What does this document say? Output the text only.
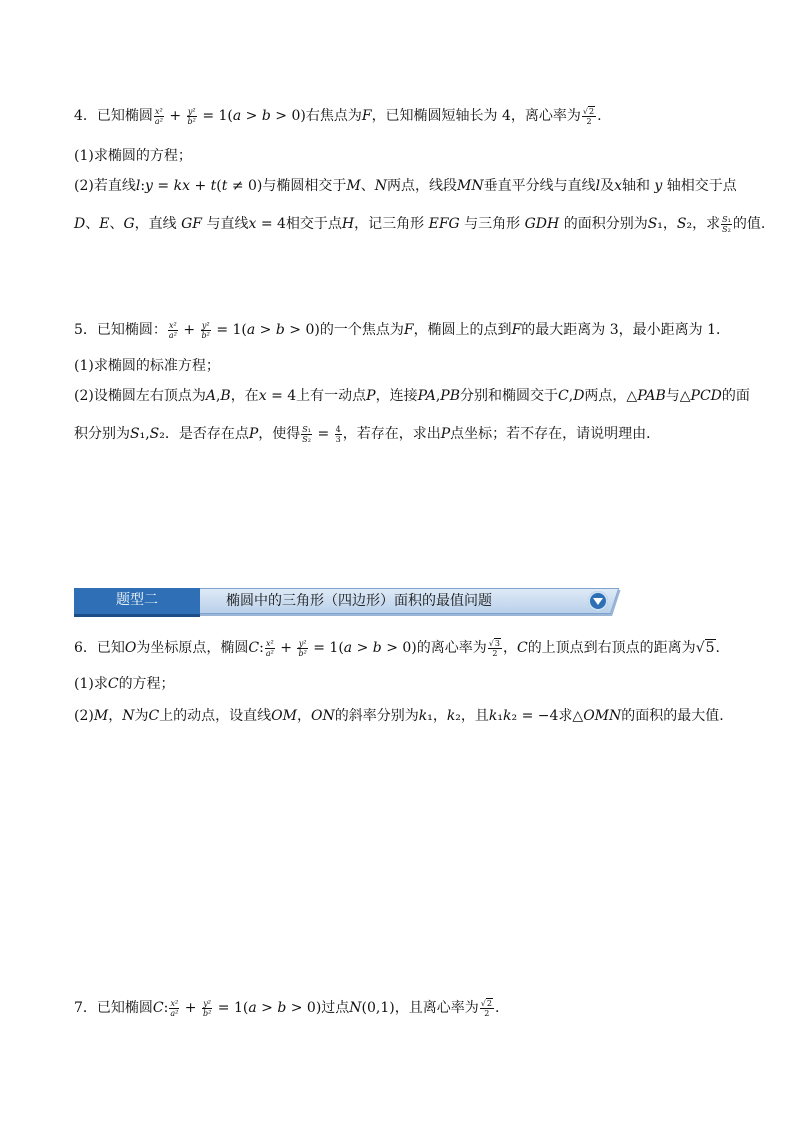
4．已知椭圆 $\frac{\text{x²}}{\text{a²}} + \frac{\text{y²}}{\text{b²}} = 1(a > b > 0)$右焦点为F，已知椭圆短轴长为 4，离心率为 $\frac{√2}{2}$ .
(1)求椭圆的方程；
(2)若直线l:y = kx + t(t ≠ 0)与椭圆相交于M、N两点，线段MN垂直平分线与直线l及x轴和 y 轴相交于点
D、E、G，直线 GF 与直线x = 4相交于点H，记三角形 EFG 与三角形 GDH 的面积分别为S₁，S₂，求 $\frac{\text{S₁}}{\text{S₂}}$ 的值.
5．已知椭圆： $\frac{\text{x²}}{\text{a²}} + \frac{\text{y²}}{\text{b²}} = 1(a > b > 0)$的一个焦点为F，椭圆上的点到F的最大距离为 3，最小距离为 1．
(1)求椭圆的标准方程；
(2)设椭圆左右顶点为A,B，在x = 4上有一动点P，连接PA,PB分别和椭圆交于C,D两点，△PAB与△PCD的面
积分别为S₁,S₂．是否存在点P，使得 $\frac{\text{S₁}}{\text{S₂}} = \frac{4}{3}$ ，若存在，求出P点坐标；若不存在，请说明理由．
题型二	椭圆中的三角形（四边形）面积的最值问题
6．已知O为坐标原点，椭圆C: $\frac{\text{x²}}{\text{a²}} + \frac{\text{y²}}{\text{b²}} = 1(a > b > 0)$的离心率为 $\frac{√3}{2}$ ，C的上顶点到右顶点的距离为√5.
(1)求C的方程；
(2)M，N为C上的动点，设直线OM，ON的斜率分别为k₁，k₂，且k₁k₂ = −4求△OMN的面积的最大值.
7．已知椭圆C: $\frac{\text{x²}}{\text{a²}} + \frac{\text{y²}}{\text{b²}} = 1(a > b > 0)$过点N(0,1)，且离心率为 $\frac{√2}{2}$ .
